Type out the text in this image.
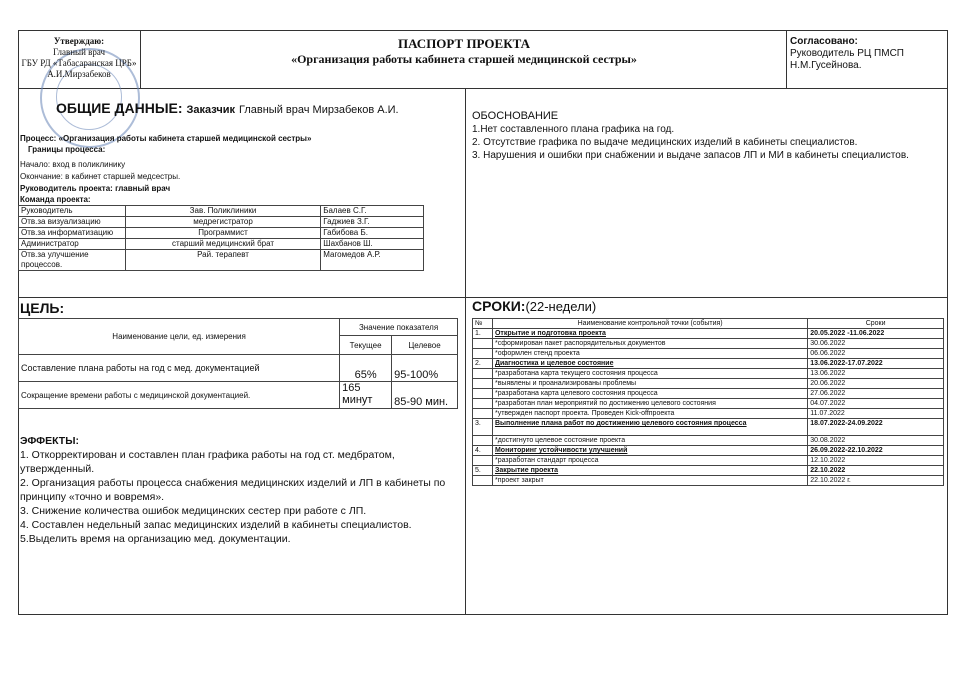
Утверждаю:
Главный врач
ГБУ РД «Табасаранская ЦРБ»
А.И.Мирзабеков
ПАСПОРТ ПРОЕКТА
«Организация работы кабинета старшей медицинской сестры»
Согласовано:
Руководитель РЦ ПМСП
Н.М.Гусейнова.
ОБЩИЕ ДАННЫЕ: Заказчик Главный врач Мирзабеков А.И.
Процесс: «Организация работы кабинета старшей медицинской сестры»
Границы процесса:
Начало: вход в поликлинику
Окончание: в кабинет старшей медсестры.
Руководитель проекта: главный врач
Команда проекта:
Руководитель	Зав. Поликлиники	Балаев С.Г.
Отв.за визуализацию	медрегистратор	Гаджиев З.Г.
Отв.за информатизацию	Программист	Габибова Б.
Администратор	старший медицинский брат	Шахбанов Ш.
Отв.за улучшение процессов.	Рай. терапевт	Магомедов А.Р.
ОБОСНОВАНИЕ
1.Нет составленного плана графика на год.
2. Отсутствие графика по выдаче медицинских изделий в кабинеты специалистов.
3. Нарушения и ошибки при снабжении и выдаче запасов ЛП и МИ в кабинеты специалистов.
ЦЕЛЬ:
Наименование цели, ед. измерения	Значение показателя	
	Текущее	Целевое
Составление плана работы на год с мед. документацией	65%	95-100%
Сокращение времени работы с медицинской документацией.	165 минут	85-90 мин.
ЭФФЕКТЫ:
1. Откорректирован и составлен план графика работы на год ст. медбратом, утвержденный.
2. Организация работы процесса снабжения медицинских изделий и ЛП в кабинеты по принципу «точно и вовремя».
3. Снижение количества ошибок медицинских сестер при работе с ЛП.
4. Составлен недельный запас медицинских изделий в кабинеты специалистов.
5.Выделить время на организацию мед. документации.
СРОКИ:(22-недели)
№	Наименование контрольной точки (события)	Сроки
1.	Открытие и подготовка проекта	20.05.2022 -11.06.2022
	*сформирован пакет распорядительных документов	30.06.2022
	*оформлен стенд проекта	06.06.2022
2.	Диагностика и целевое состояние	13.06.2022-17.07.2022
	*разработана карта текущего состояния процесса	13.06.2022
	*выявлены и проанализированы проблемы	20.06.2022
	*разработана карта целевого состояния процесса	27.06.2022
	*разработан план мероприятий по достижению целевого состояния	04.07.2022
	*утвержден паспорт проекта. Проведен Kick-offпроекта	11.07.2022
3.	Выполнение плана работ по достижению целевого состояния процесса	18.07.2022-24.09.2022
	*достигнуто целевое состояние проекта	30.08.2022
4.	Мониторинг устойчивости улучшений	26.09.2022-22.10.2022
	*разработан стандарт процесса	12.10.2022
5.	Закрытие проекта	22.10.2022
	*проект закрыт	22.10.2022 г.
